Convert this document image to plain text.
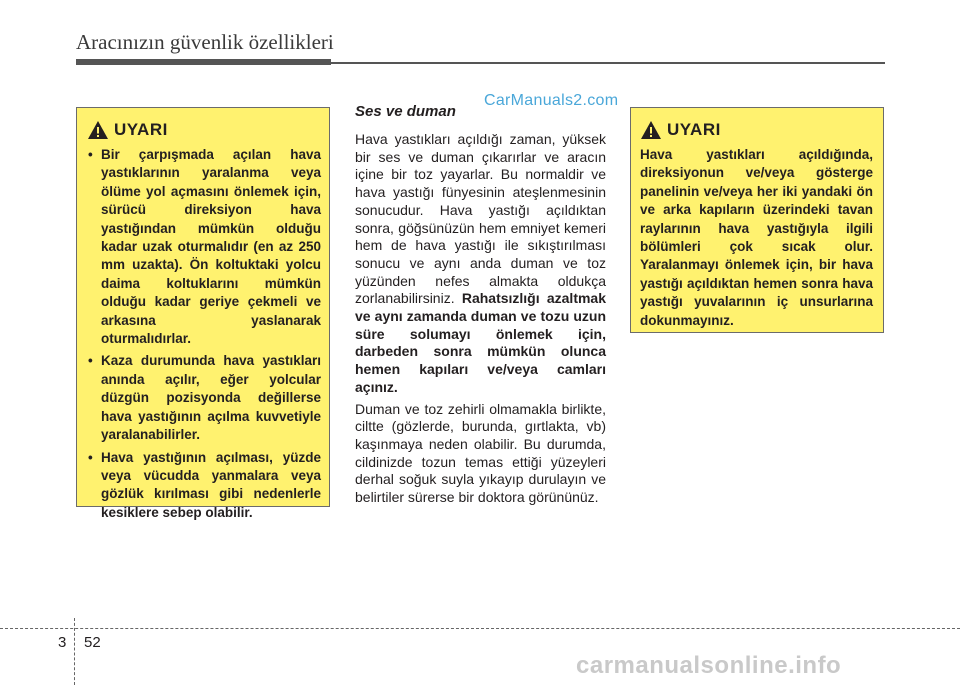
Aracınızın güvenlik özellikleri
UYARI
• Bir çarpışmada açılan hava yastıklarının yaralanma veya ölüme yol açmasını önlemek için, sürücü direksiyon hava yastığından mümkün olduğu kadar uzak oturmalıdır (en az 250 mm uzakta). Ön koltuktaki yolcu daima koltuklarını mümkün olduğu kadar geriye çekmeli ve arkasına yaslanarak oturmalıdırlar.
• Kaza durumunda hava yastıkları anında açılır, eğer yolcular düzgün pozisyonda değillerse hava yastığının açılma kuvvetiyle yaralanabilirler.
• Hava yastığının açılması, yüzde veya vücudda yanmalara veya gözlük kırılması gibi nedenlerle kesiklere sebep olabilir.

Ses ve duman

Hava yastıkları açıldığı zaman, yüksek bir ses ve duman çıkarırlar ve aracın içine bir toz yayarlar. Bu normaldir ve hava yastığı fünyesinin ateşlenmesinin sonucudur. Hava yastığı açıldıktan sonra, göğsünüzün hem emniyet kemeri hem de hava yastığı ile sıkıştırılması sonucu ve aynı anda duman ve toz yüzünden nefes almakta oldukça zorlanabilirsiniz. Rahatsızlığı azaltmak ve aynı zamanda duman ve tozu uzun süre solumayı önlemek için, darbeden sonra mümkün olunca hemen kapıları ve/veya camları açınız.

Duman ve toz zehirli olmamakla birlikte, ciltte (gözlerde, burunda, gırtlakta, vb) kaşınmaya neden olabilir. Bu durumda, cildinizde tozun temas ettiği yüzeyleri derhal soğuk suyla yıkayıp durulayın ve belirtiler sürerse bir doktora görününüz.

CarManuals2.com
UYARI

Hava yastıkları açıldığında, direksiyonun ve/veya gösterge panelinin ve/veya her iki yandaki ön ve arka kapıların üzerindeki tavan raylarının hava yastığıyla ilgili bölümleri çok sıcak olur. Yaralanmayı önlemek için, bir hava yastığı açıldıktan hemen sonra hava yastığı yuvalarının iç unsurlarına dokunmayınız.

3 52
carmanualsonline.info
